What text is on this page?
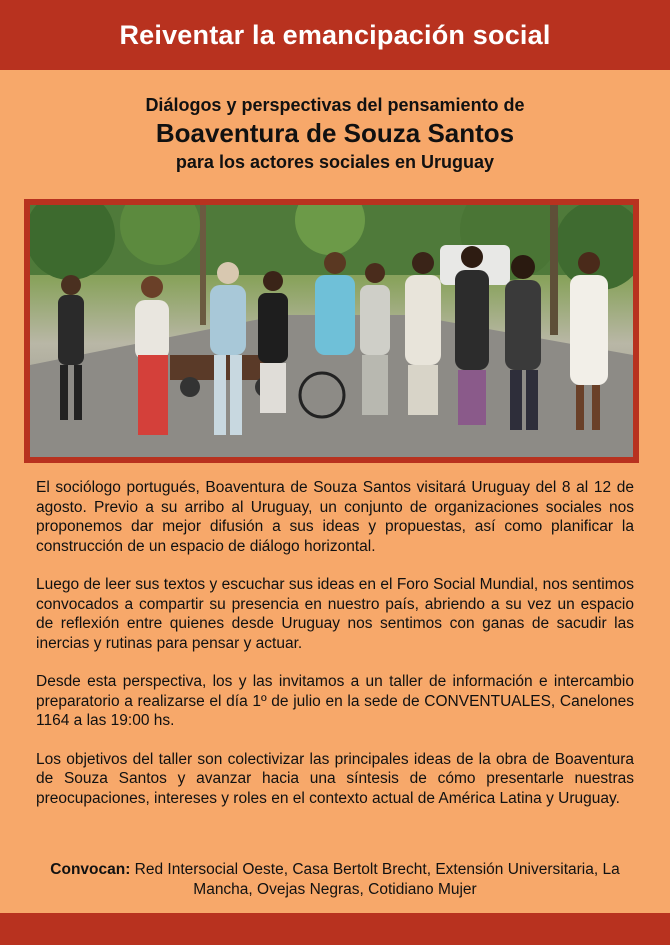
Reiventar la emancipación social

Diálogos y perspectivas del pensamiento de

Boaventura de Souza Santos

para los actores sociales en Uruguay

El sociólogo portugués, Boaventura de Souza Santos visitará Uruguay del 8 al 12 de agosto. Previo a su arribo al Uruguay, un conjunto de organizaciones sociales nos proponemos dar mejor difusión a sus ideas y propuestas, así como planificar la construcción de un espacio de diálogo horizontal.

Luego de leer sus textos y escuchar sus ideas en el Foro Social Mundial, nos sentimos convocados a compartir su presencia en nuestro país, abriendo a su vez un espacio de reflexión entre quienes desde Uruguay nos sentimos con ganas de sacudir las inercias y rutinas para pensar y actuar.

Desde esta perspectiva, los y las invitamos a un taller de información e intercambio preparatorio a realizarse el día 1º de julio en la sede de CONVENTUALES, Canelones 1164 a las 19:00 hs.

Los objetivos del taller son colectivizar las principales ideas de la obra de Boaventura de Souza Santos y avanzar hacia una síntesis de cómo presentarle nuestras preocupaciones, intereses y roles en el contexto actual de América Latina y Uruguay.

Convocan: Red Intersocial Oeste, Casa Bertolt Brecht, Extensión Universitaria, La Mancha, Ovejas Negras, Cotidiano Mujer
